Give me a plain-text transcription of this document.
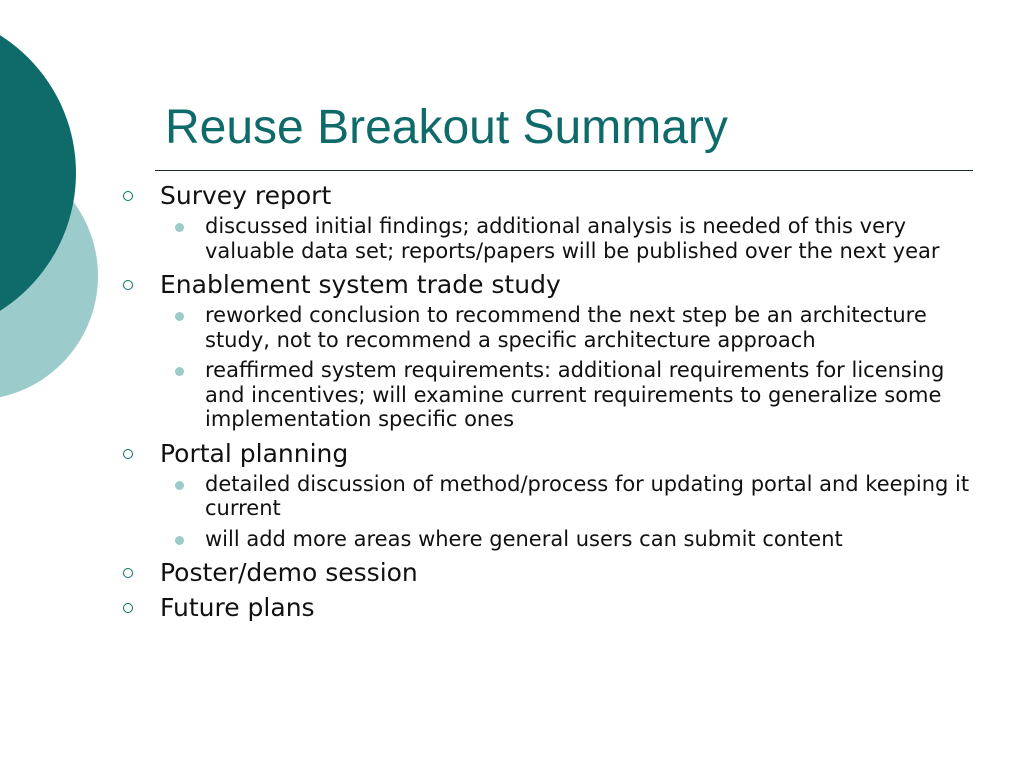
Reuse Breakout Summary
Survey report
discussed initial findings; additional analysis is needed of this very valuable data set; reports/papers will be published over the next year
Enablement system trade study
reworked conclusion to recommend the next step be an architecture study, not to recommend a specific architecture approach
reaffirmed system requirements: additional requirements for licensing and incentives; will examine current requirements to generalize some implementation specific ones
Portal planning
detailed discussion of method/process for updating portal and keeping it current
will add more areas where general users can submit content
Poster/demo session
Future plans
